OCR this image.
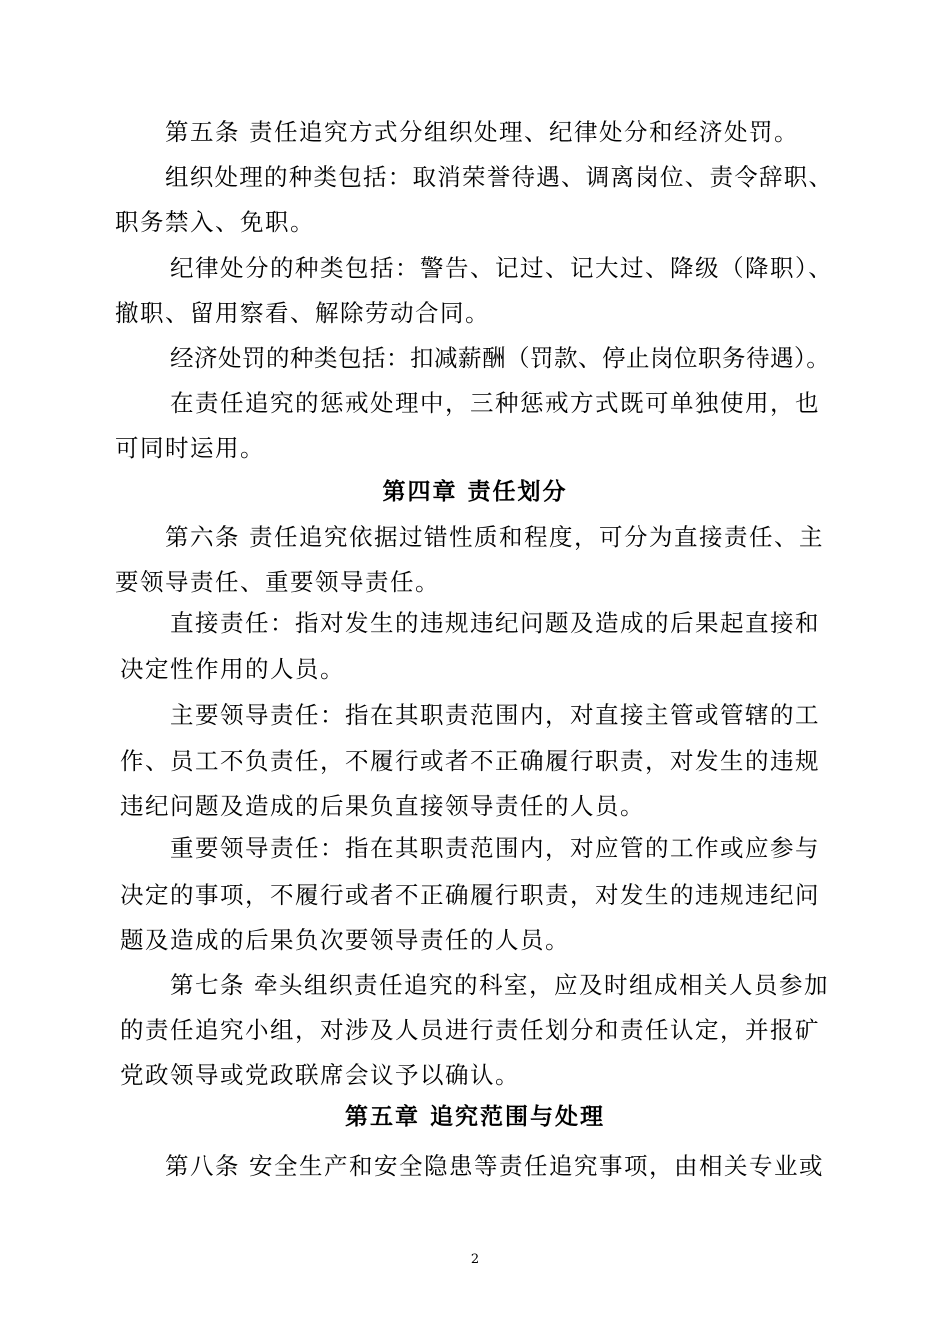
第五条 责任追究方式分组织处理、纪律处分和经济处罚。
组织处理的种类包括：取消荣誉待遇、调离岗位、责令辞职、
职务禁入、免职。
纪律处分的种类包括：警告、记过、记大过、降级（降职）、
撤职、留用察看、解除劳动合同。
经济处罚的种类包括：扣减薪酬（罚款、停止岗位职务待遇）。
在责任追究的惩戒处理中，三种惩戒方式既可单独使用，也
可同时运用。
第四章 责任划分
第六条 责任追究依据过错性质和程度，可分为直接责任、主
要领导责任、重要领导责任。
直接责任：指对发生的违规违纪问题及造成的后果起直接和
决定性作用的人员。
主要领导责任：指在其职责范围内，对直接主管或管辖的工
作、员工不负责任，不履行或者不正确履行职责，对发生的违规
违纪问题及造成的后果负直接领导责任的人员。
重要领导责任：指在其职责范围内，对应管的工作或应参与
决定的事项，不履行或者不正确履行职责，对发生的违规违纪问
题及造成的后果负次要领导责任的人员。
第七条 牵头组织责任追究的科室，应及时组成相关人员参加
的责任追究小组，对涉及人员进行责任划分和责任认定，并报矿
党政领导或党政联席会议予以确认。
第五章 追究范围与处理
第八条 安全生产和安全隐患等责任追究事项，由相关专业或
2
